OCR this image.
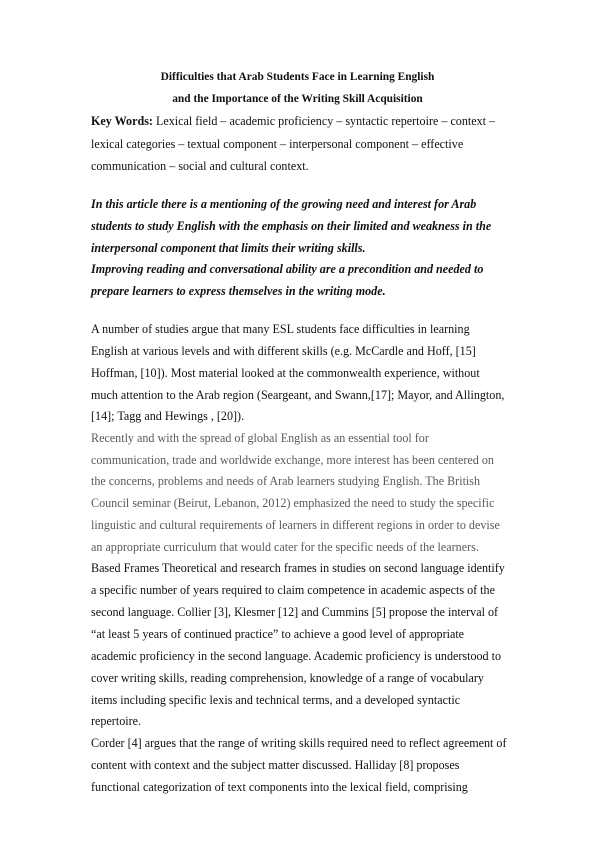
Difficulties that Arab Students Face in Learning English
and the Importance of the Writing Skill Acquisition
Key Words: Lexical field – academic proficiency – syntactic repertoire – context –
lexical categories – textual component – interpersonal component – effective
communication – social and cultural context.
In this article there is a mentioning of the growing need and interest for Arab
students to study English with the emphasis on their limited and weakness in the
interpersonal component that limits their writing skills.
Improving reading and conversational ability are a precondition and needed to
prepare learners to express themselves in the writing mode.
A number of studies argue that many ESL students face difficulties in learning
English at various levels and with different skills (e.g. McCardle and Hoff, [15]
Hoffman, [10]). Most material looked at the commonwealth experience, without
much attention to the Arab region (Seargeant, and Swann,[17]; Mayor, and Allington,
[14]; Tagg and Hewings , [20]).
Recently and with the spread of global English as an essential tool for
communication, trade and worldwide exchange, more interest has been centered on
the concerns, problems and needs of Arab learners studying English. The British
Council seminar (Beirut, Lebanon, 2012) emphasized the need to study the specific
linguistic and cultural requirements of learners in different regions in order to devise
an appropriate curriculum that would cater for the specific needs of the learners.
Based Frames Theoretical and research frames in studies on second language identify
a specific number of years required to claim competence in academic aspects of the
second language. Collier [3], Klesmer [12] and Cummins [5] propose the interval of
“at least 5 years of continued practice” to achieve a good level of appropriate
academic proficiency in the second language. Academic proficiency is understood to
cover writing skills, reading comprehension, knowledge of a range of vocabulary
items including specific lexis and technical terms, and a developed syntactic
repertoire.
Corder [4] argues that the range of writing skills required need to reflect agreement of
content with context and the subject matter discussed. Halliday [8] proposes
functional categorization of text components into the lexical field, comprising
